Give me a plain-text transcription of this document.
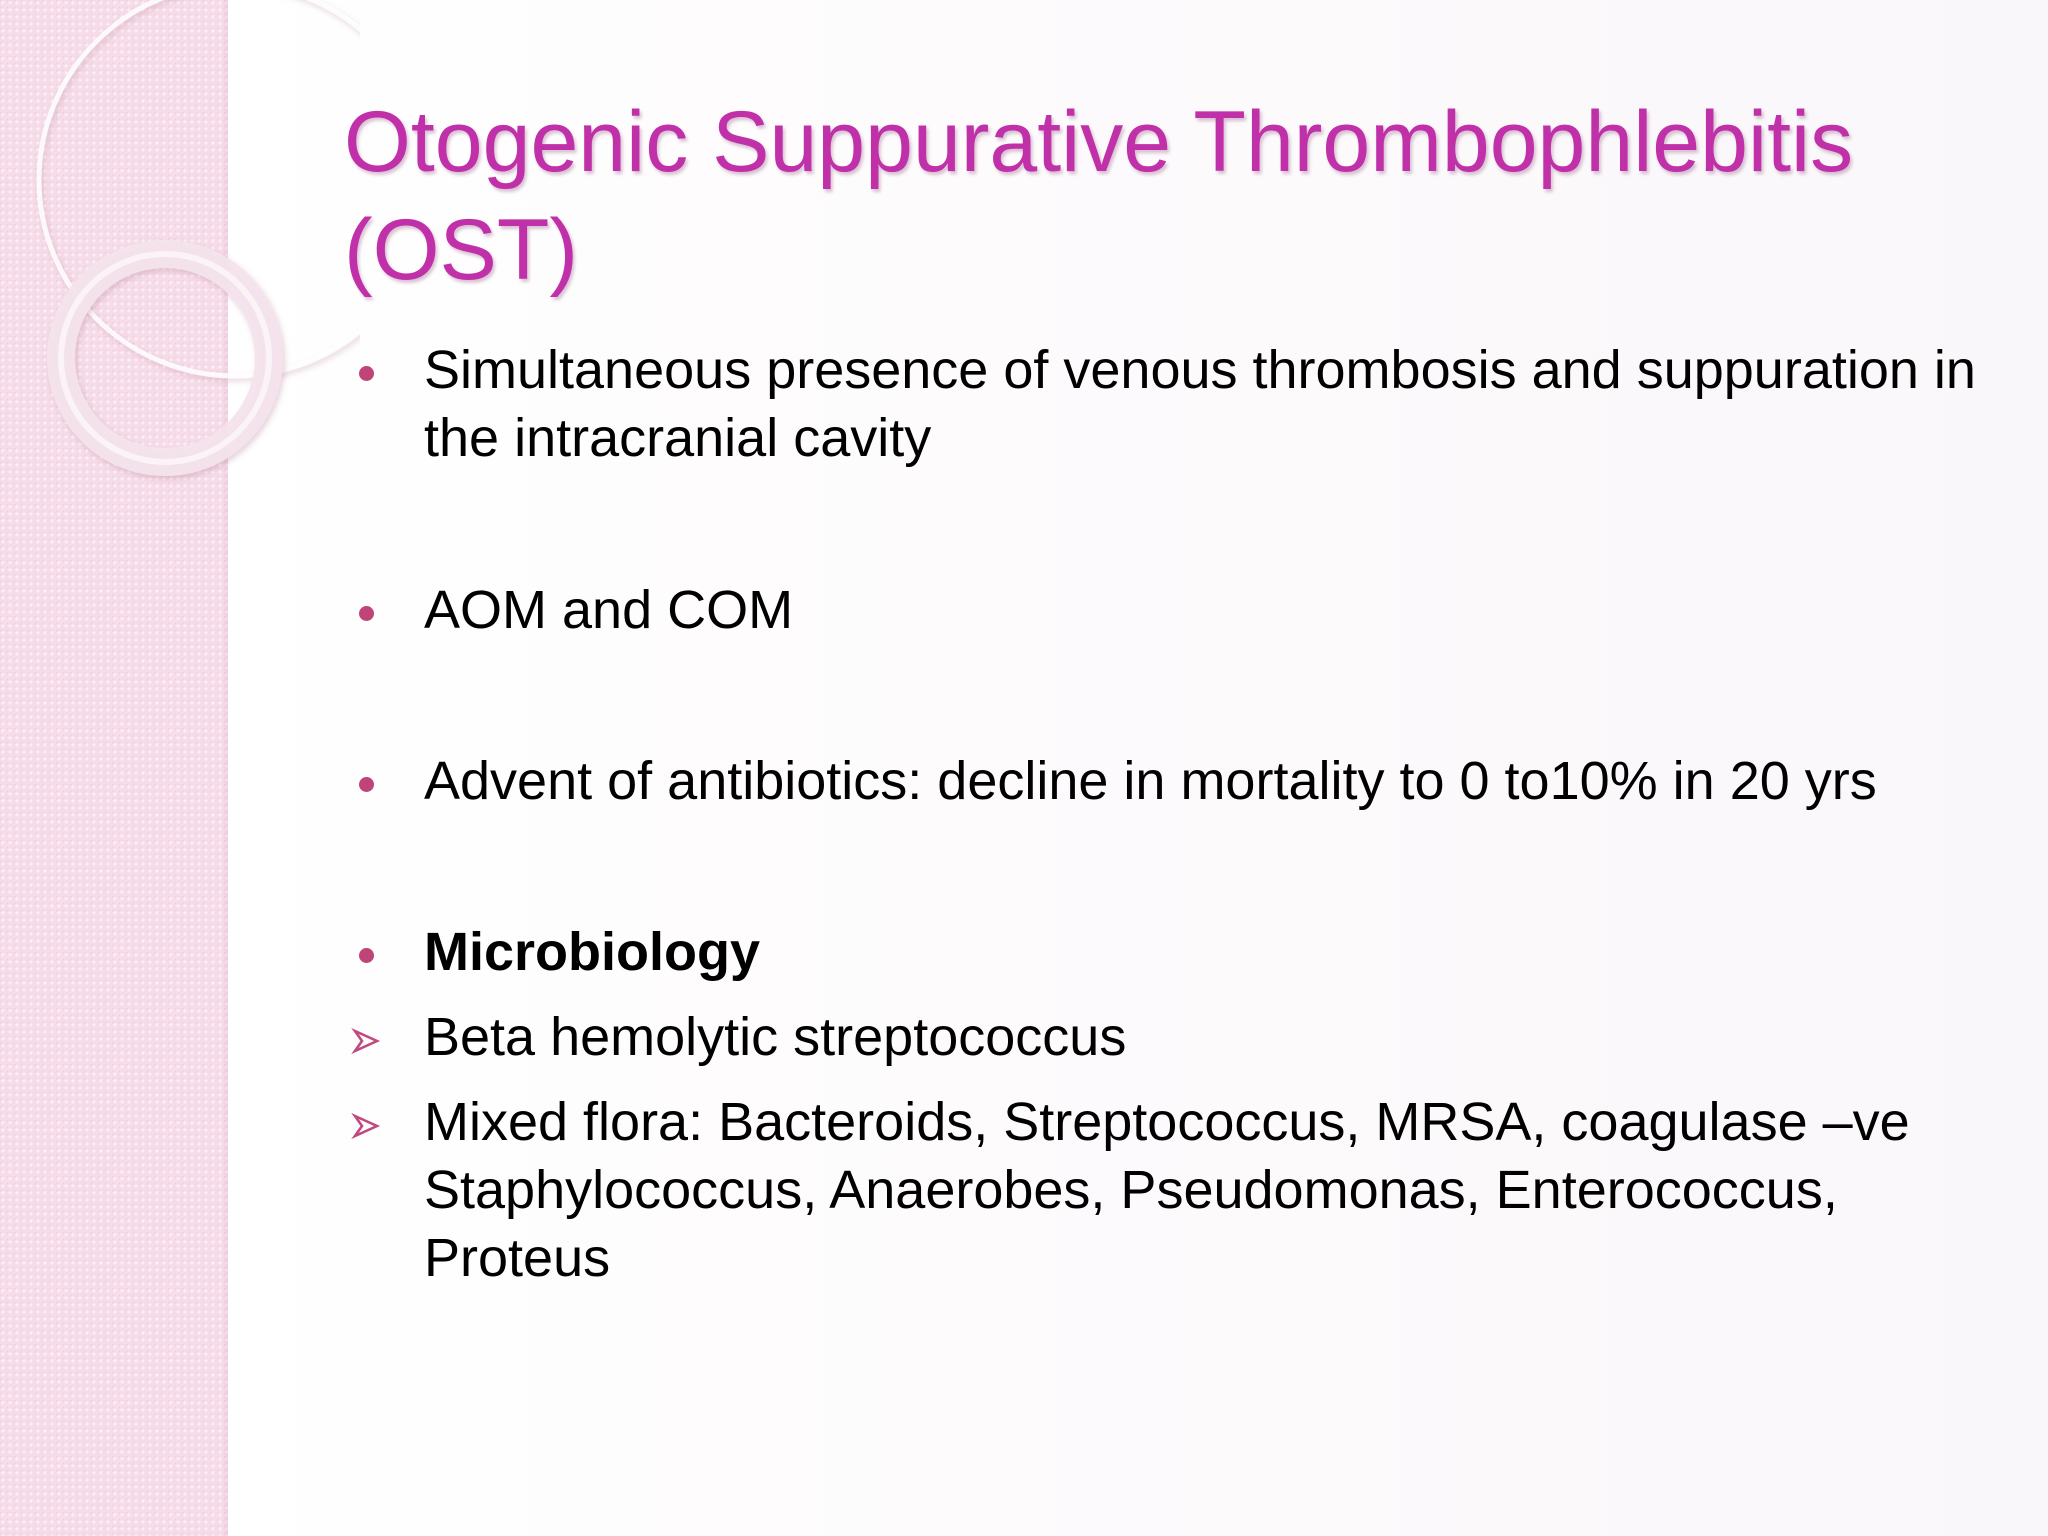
Otogenic Suppurative Thrombophlebitis (OST)
Simultaneous presence of venous thrombosis and suppuration in the intracranial cavity
AOM and COM
Advent of antibiotics: decline in mortality to 0 to10% in 20 yrs
Microbiology
Beta hemolytic streptococcus
Mixed flora: Bacteroids, Streptococcus, MRSA, coagulase –ve Staphylococcus, Anaerobes, Pseudomonas, Enterococcus, Proteus
